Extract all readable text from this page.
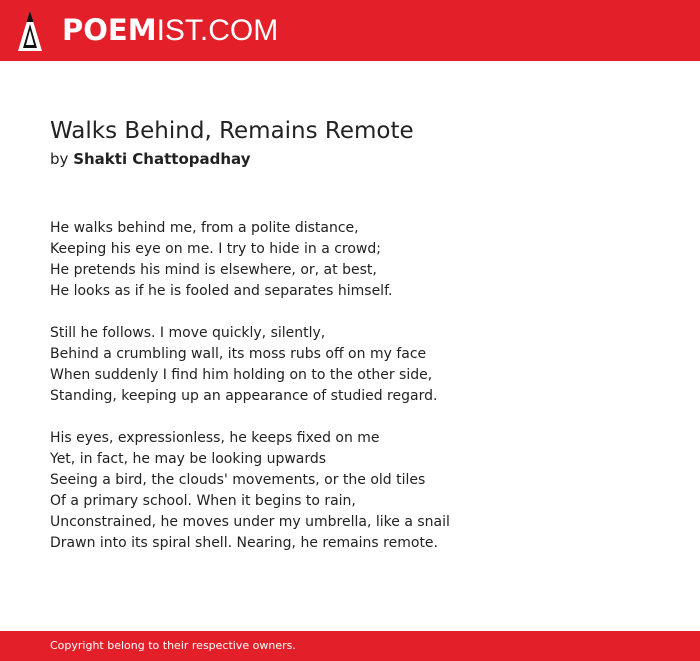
POEMIST.COM
Walks Behind, Remains Remote
by Shakti Chattopadhay
He walks behind me, from a polite distance,
Keeping his eye on me. I try to hide in a crowd;
He pretends his mind is elsewhere, or, at best,
He looks as if he is fooled and separates himself.
Still he follows. I move quickly, silently,
Behind a crumbling wall, its moss rubs off on my face
When suddenly I find him holding on to the other side,
Standing, keeping up an appearance of studied regard.
His eyes, expressionless, he keeps fixed on me
Yet, in fact, he may be looking upwards
Seeing a bird, the clouds' movements, or the old tiles
Of a primary school. When it begins to rain,
Unconstrained, he moves under my umbrella, like a snail
Drawn into its spiral shell. Nearing, he remains remote.
Copyright belong to their respective owners.
